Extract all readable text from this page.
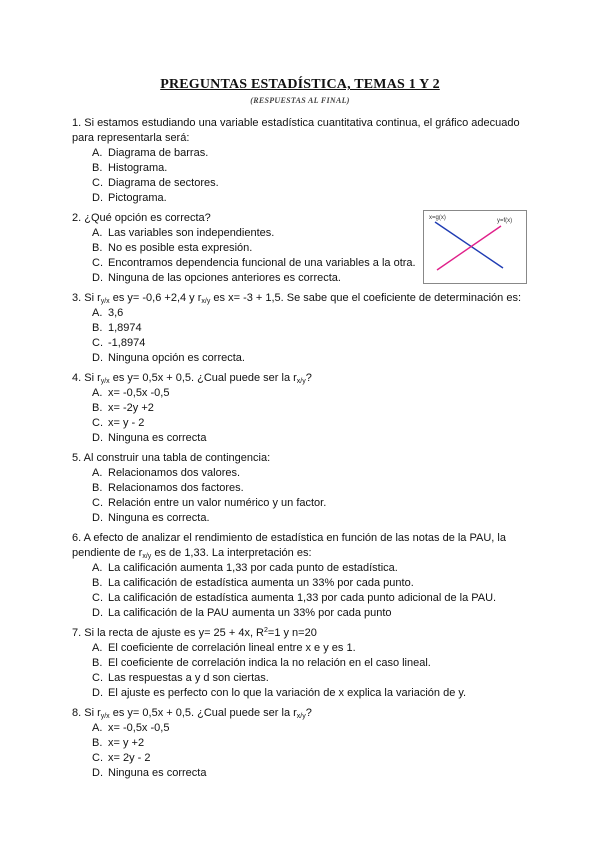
PREGUNTAS ESTADÍSTICA, TEMAS 1 Y 2
(RESPUESTAS AL FINAL)
1. Si estamos estudiando una variable estadística cuantitativa continua, el gráfico adecuado para representarla será:
A. Diagrama de barras.
B. Histograma.
C. Diagrama de sectores.
D. Pictograma.
2. ¿Qué opción es correcta?
A. Las variables son independientes.
B. No es posible esta expresión.
C. Encontramos dependencia funcional de una variables a la otra.
D. Ninguna de las opciones anteriores es correcta.
3. Si $r_{y/x}$ es y= -0,6 +2,4 y $r_{x/y}$ es x= -3 + 1,5. Se sabe que el coeficiente de determinación es:
A. 3,6
B. 1,8974
C. -1,8974
D. Ninguna opción es correcta.
4. Si $r_{y/x}$ es y= 0,5x + 0,5. ¿Cual puede ser la $r_{x/y}$?
A. x= -0,5x -0,5
B. x= -2y +2
C. x= y - 2
D. Ninguna es correcta
5. Al construir una tabla de contingencia:
A. Relacionamos dos valores.
B. Relacionamos dos factores.
C. Relación entre un valor numérico y un factor.
D. Ninguna es correcta.
6. A efecto de analizar el rendimiento de estadística en función de las notas de la PAU, la pendiente de $r_{x/y}$ es de 1,33. La interpretación es:
A. La calificación aumenta 1,33 por cada punto de estadística.
B. La calificación de estadística aumenta un 33% por cada punto.
C. La calificación de estadística aumenta 1,33 por cada punto adicional de la PAU.
D. La calificación de la PAU aumenta un 33% por cada punto
7. Si la recta de ajuste es y= 25 + 4x, $R^2=1$ y n=20
A. El coeficiente de correlación lineal entre x e y es 1.
B. El coeficiente de correlación indica la no relación en el caso lineal.
C. Las respuestas a y d son ciertas.
D. El ajuste es perfecto con lo que la variación de x explica la variación de y.
8. Si $r_{y/x}$ es y= 0,5x + 0,5. ¿Cual puede ser la $r_{x/y}$?
A. x= -0,5x -0,5
B. x= y +2
C. x= 2y - 2
D. Ninguna es correcta
x=g(x)	y=f(x)
